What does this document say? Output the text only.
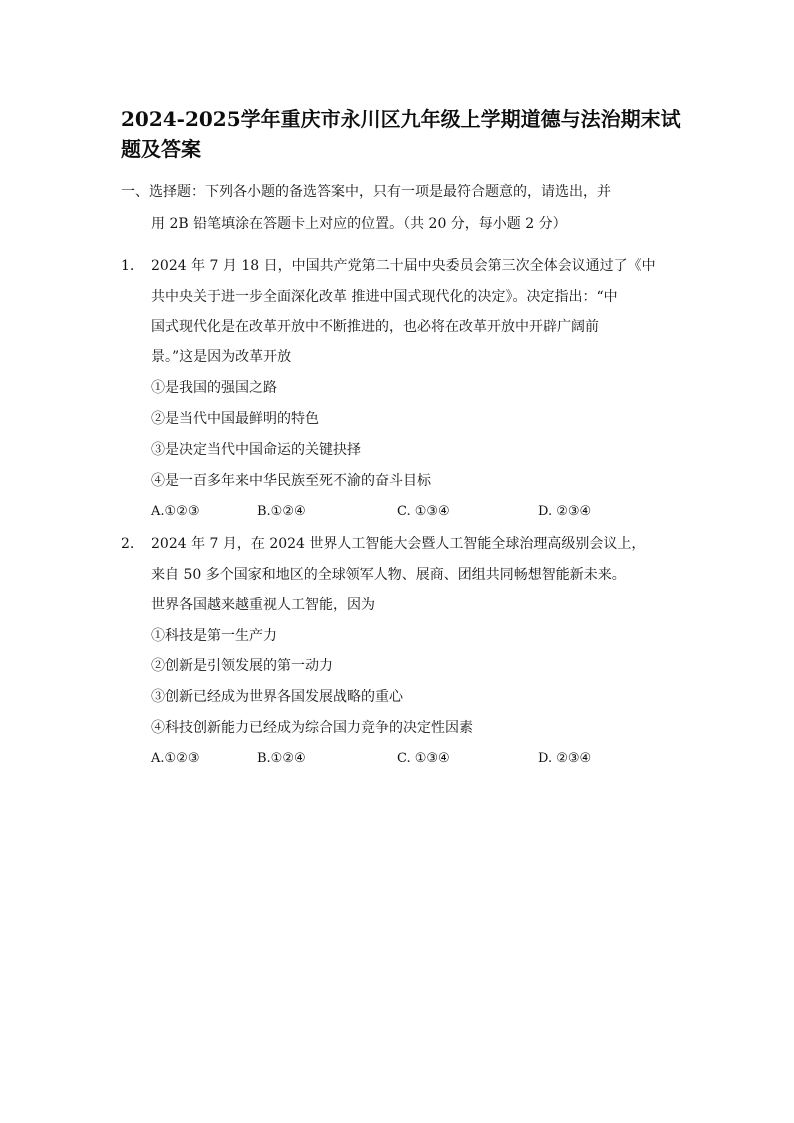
2024-2025学年重庆市永川区九年级上学期道德与法治期末试题及答案
一、选择题：下列各小题的备选答案中，只有一项是最符合题意的，请选出，并
用 2B 铅笔填涂在答题卡上对应的位置。（共 20 分，每小题 2 分）
1. 2024 年 7 月 18 日，中国共产党第二十届中央委员会第三次全体会议通过了《中
共中央关于进一步全面深化改革 推进中国式现代化的决定》。决定指出：“中
国式现代化是在改革开放中不断推进的，也必将在改革开放中开辟广阔前
景。”这是因为改革开放
①是我国的强国之路
②是当代中国最鲜明的特色
③是决定当代中国命运的关键抉择
④是一百多年来中华民族至死不渝的奋斗目标
A.①②③	B.①②④	C. ①③④	D. ②③④
2. 2024 年 7 月，在 2024 世界人工智能大会暨人工智能全球治理高级别会议上，
来自 50 多个国家和地区的全球领军人物、展商、团组共同畅想智能新未来。
世界各国越来越重视人工智能，因为
①科技是第一生产力
②创新是引领发展的第一动力
③创新已经成为世界各国发展战略的重心
④科技创新能力已经成为综合国力竞争的决定性因素
A.①②③	B.①②④	C. ①③④	D. ②③④
